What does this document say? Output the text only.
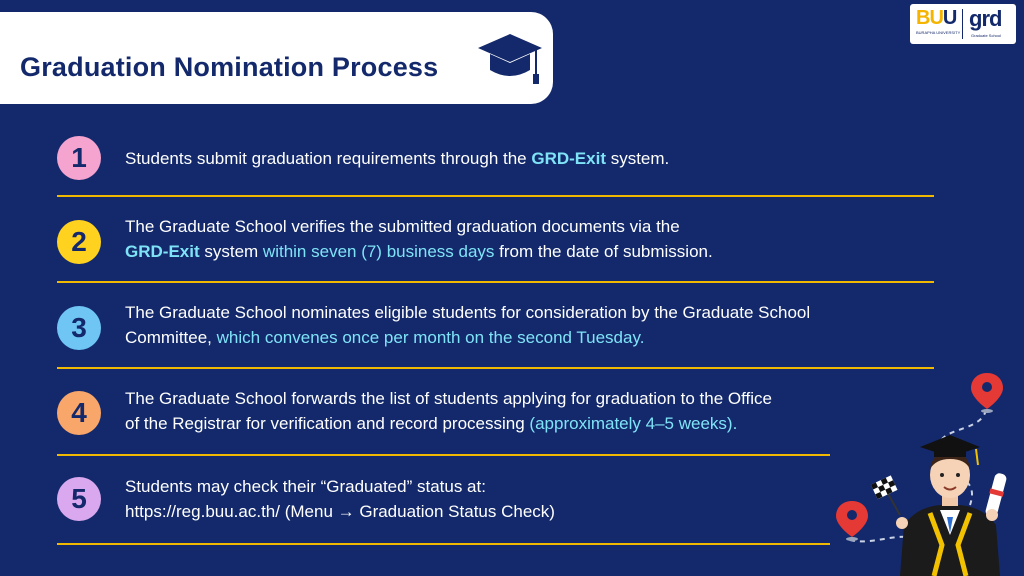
Graduation Nomination Process
BUU
BURAPHA UNIVERSITY
grd
Graduate School
1 Students submit graduation requirements through the GRD-Exit system.
2 The Graduate School verifies the submitted graduation documents via the
GRD-Exit system within seven (7) business days from the date of submission.
3 The Graduate School nominates eligible students for consideration by the Graduate School
Committee, which convenes once per month on the second Tuesday.
4 The Graduate School forwards the list of students applying for graduation to the Office
of the Registrar for verification and record processing (approximately 4–5 weeks).
5 Students may check their “Graduated” status at:
https://reg.buu.ac.th/ (Menu → Graduation Status Check)
